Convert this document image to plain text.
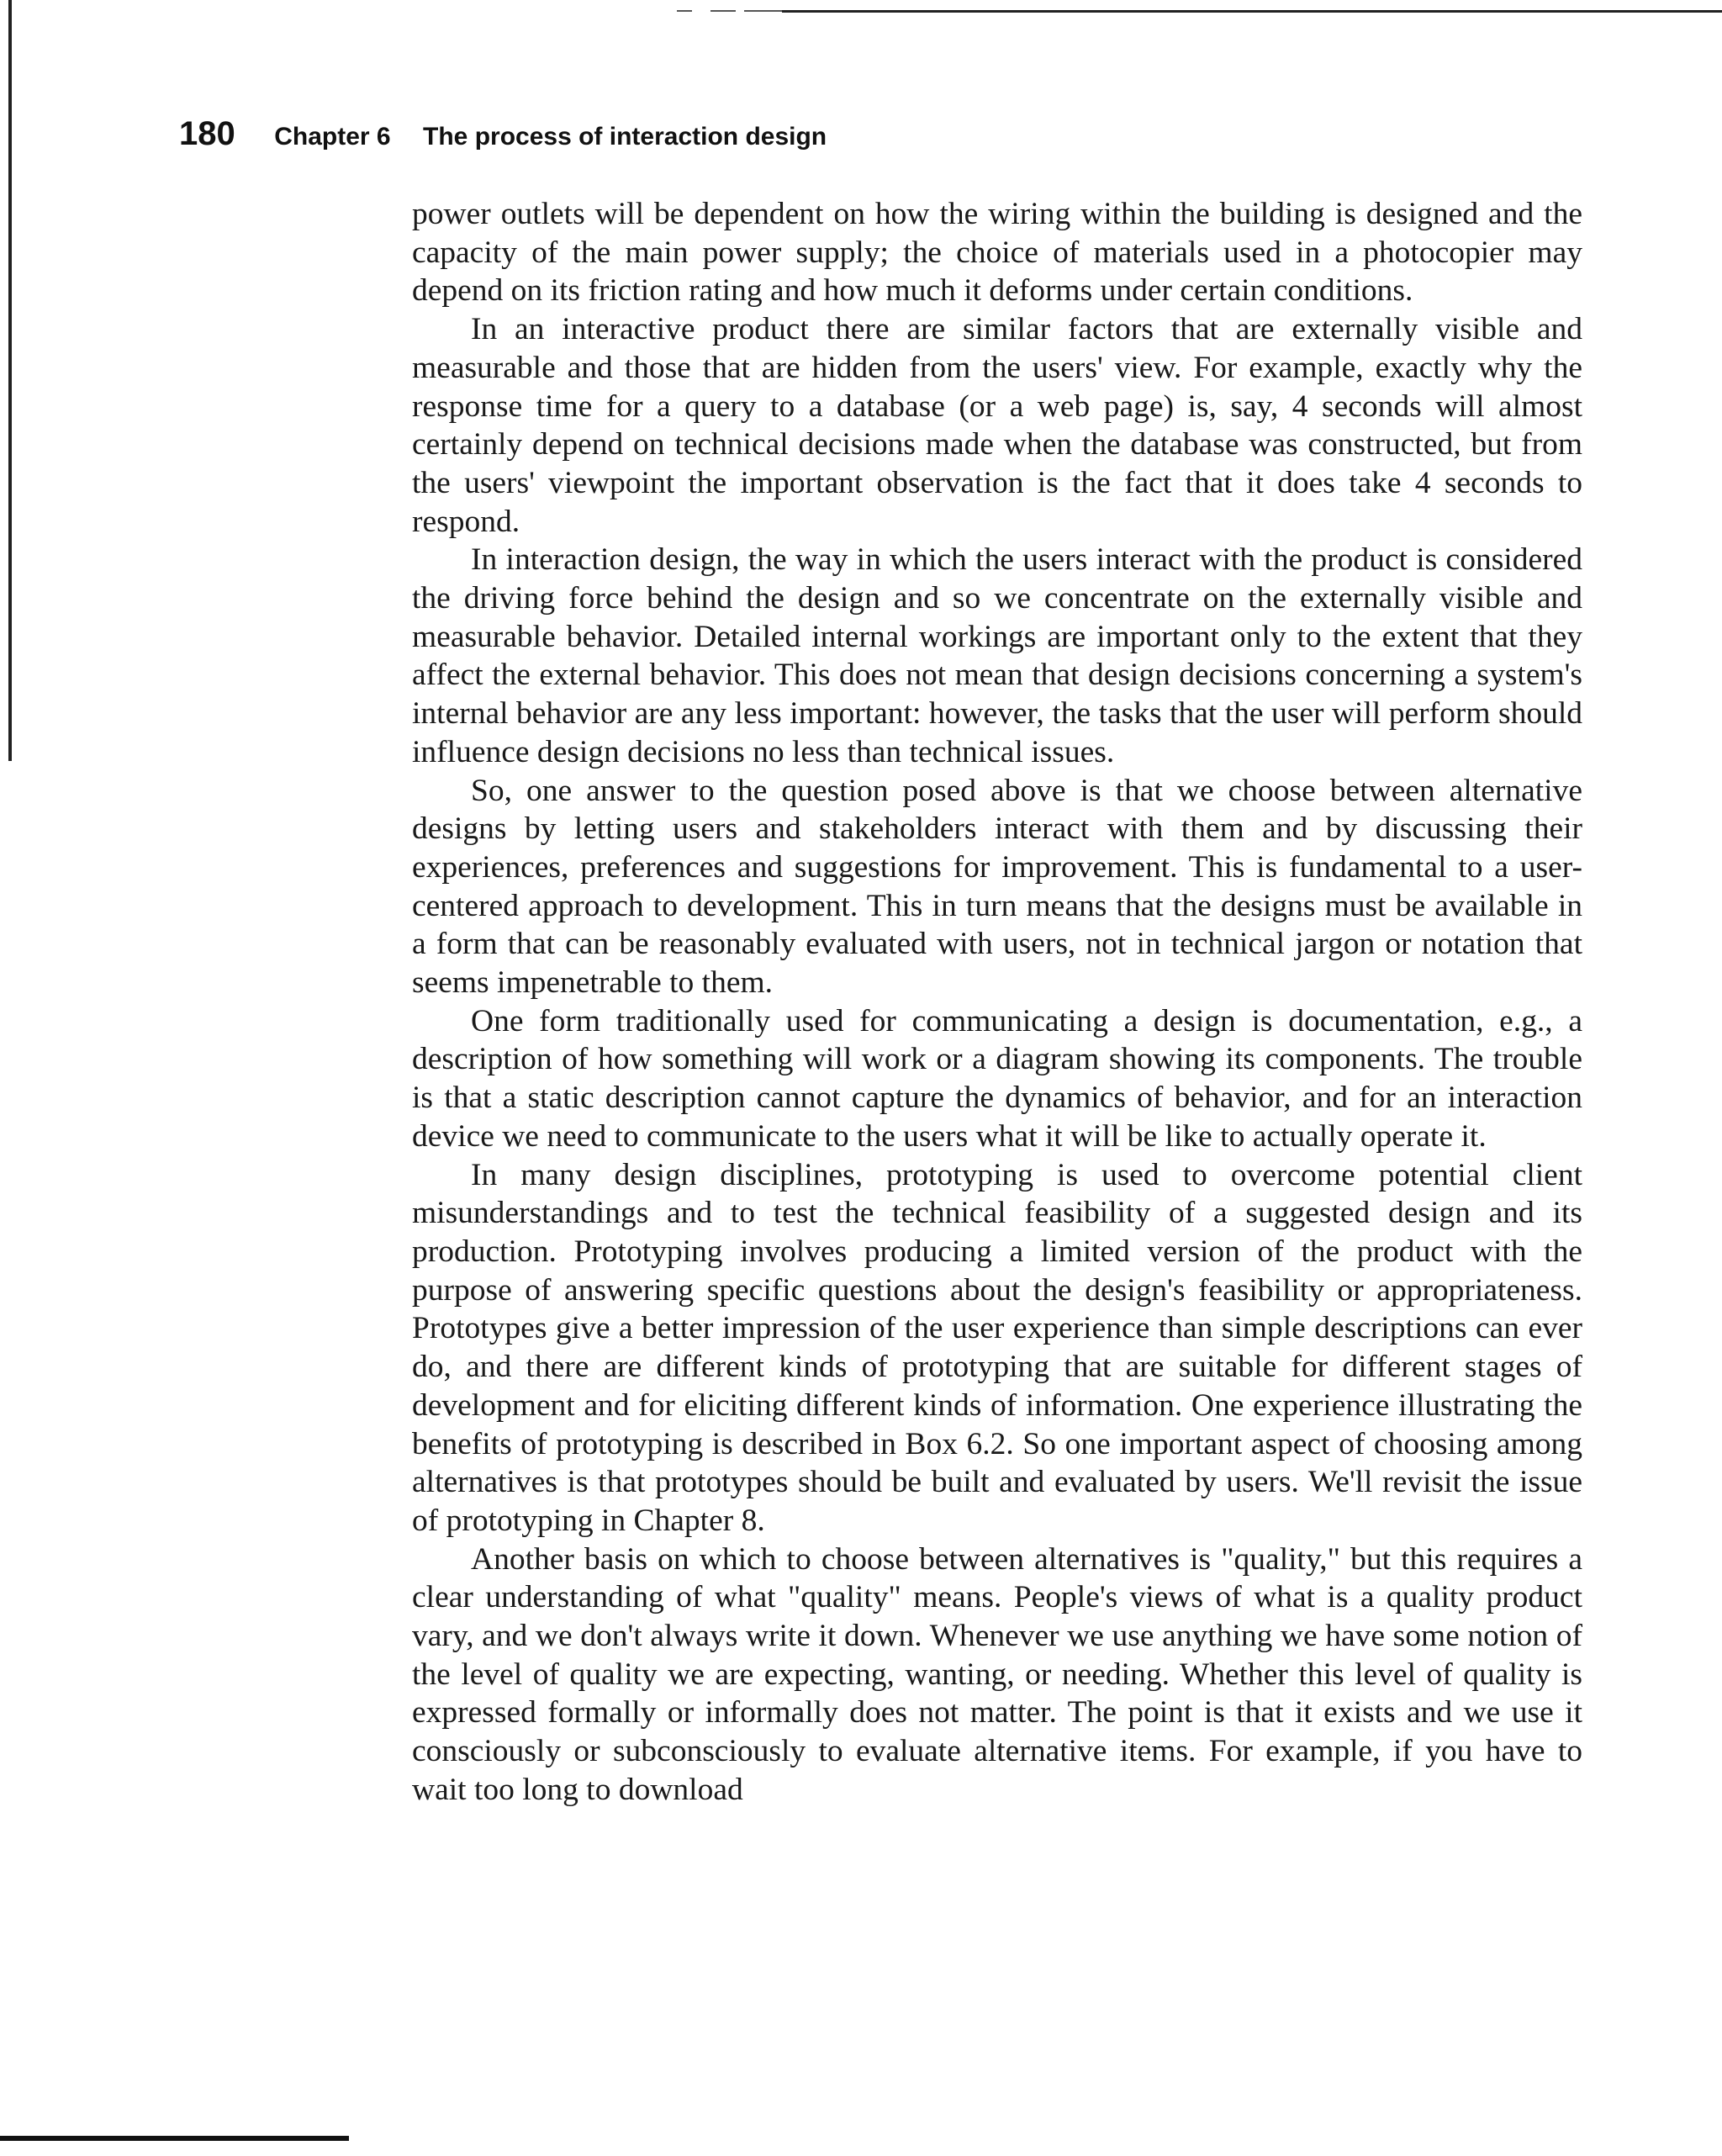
180 Chapter 6 The process of interaction design

power outlets will be dependent on how the wiring within the building is designed and the capacity of the main power supply; the choice of materials used in a photocopier may depend on its friction rating and how much it deforms under certain conditions.

In an interactive product there are similar factors that are externally visible and measurable and those that are hidden from the users' view. For example, exactly why the response time for a query to a database (or a web page) is, say, 4 seconds will almost certainly depend on technical decisions made when the database was constructed, but from the users' viewpoint the important observation is the fact that it does take 4 seconds to respond.

In interaction design, the way in which the users interact with the product is considered the driving force behind the design and so we concentrate on the externally visible and measurable behavior. Detailed internal workings are important only to the extent that they affect the external behavior. This does not mean that design decisions concerning a system's internal behavior are any less important: however, the tasks that the user will perform should influence design decisions no less than technical issues.

So, one answer to the question posed above is that we choose between alternative designs by letting users and stakeholders interact with them and by discussing their experiences, preferences and suggestions for improvement. This is fundamental to a user-centered approach to development. This in turn means that the designs must be available in a form that can be reasonably evaluated with users, not in technical jargon or notation that seems impenetrable to them.

One form traditionally used for communicating a design is documentation, e.g., a description of how something will work or a diagram showing its components. The trouble is that a static description cannot capture the dynamics of behavior, and for an interaction device we need to communicate to the users what it will be like to actually operate it.

In many design disciplines, prototyping is used to overcome potential client misunderstandings and to test the technical feasibility of a suggested design and its production. Prototyping involves producing a limited version of the product with the purpose of answering specific questions about the design's feasibility or appropriateness. Prototypes give a better impression of the user experience than simple descriptions can ever do, and there are different kinds of prototyping that are suitable for different stages of development and for eliciting different kinds of information. One experience illustrating the benefits of prototyping is described in Box 6.2. So one important aspect of choosing among alternatives is that prototypes should be built and evaluated by users. We'll revisit the issue of prototyping in Chapter 8.

Another basis on which to choose between alternatives is "quality," but this requires a clear understanding of what "quality" means. People's views of what is a quality product vary, and we don't always write it down. Whenever we use anything we have some notion of the level of quality we are expecting, wanting, or needing. Whether this level of quality is expressed formally or informally does not matter. The point is that it exists and we use it consciously or subconsciously to evaluate alternative items. For example, if you have to wait too long to download
